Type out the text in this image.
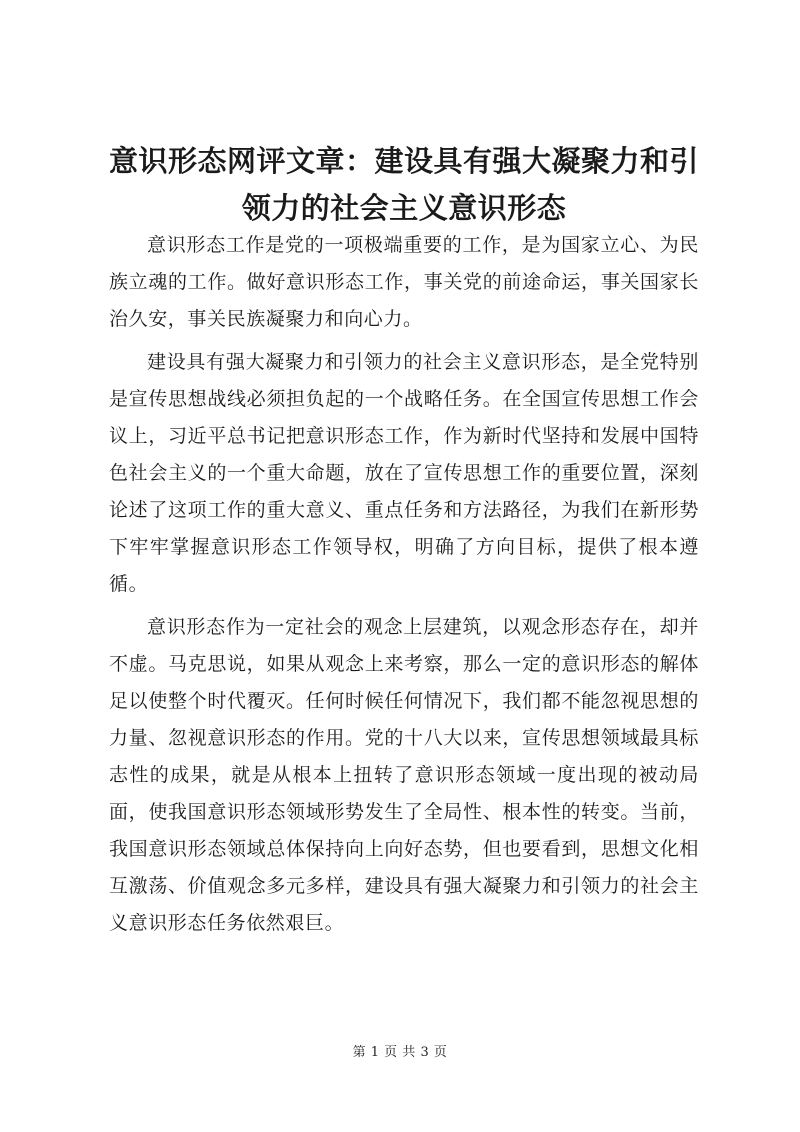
意识形态网评文章：建设具有强大凝聚力和引领力的社会主义意识形态

意识形态工作是党的一项极端重要的工作，是为国家立心、为民族立魂的工作。做好意识形态工作，事关党的前途命运，事关国家长治久安，事关民族凝聚力和向心力。

建设具有强大凝聚力和引领力的社会主义意识形态，是全党特别是宣传思想战线必须担负起的一个战略任务。在全国宣传思想工作会议上，习近平总书记把意识形态工作，作为新时代坚持和发展中国特色社会主义的一个重大命题，放在了宣传思想工作的重要位置，深刻论述了这项工作的重大意义、重点任务和方法路径，为我们在新形势下牢牢掌握意识形态工作领导权，明确了方向目标，提供了根本遵循。

意识形态作为一定社会的观念上层建筑，以观念形态存在，却并不虚。马克思说，如果从观念上来考察，那么一定的意识形态的解体足以使整个时代覆灭。任何时候任何情况下，我们都不能忽视思想的力量、忽视意识形态的作用。党的十八大以来，宣传思想领域最具标志性的成果，就是从根本上扭转了意识形态领域一度出现的被动局面，使我国意识形态领域形势发生了全局性、根本性的转变。当前，我国意识形态领域总体保持向上向好态势，但也要看到，思想文化相互激荡、价值观念多元多样，建设具有强大凝聚力和引领力的社会主义意识形态任务依然艰巨。

第 1 页 共 3 页
